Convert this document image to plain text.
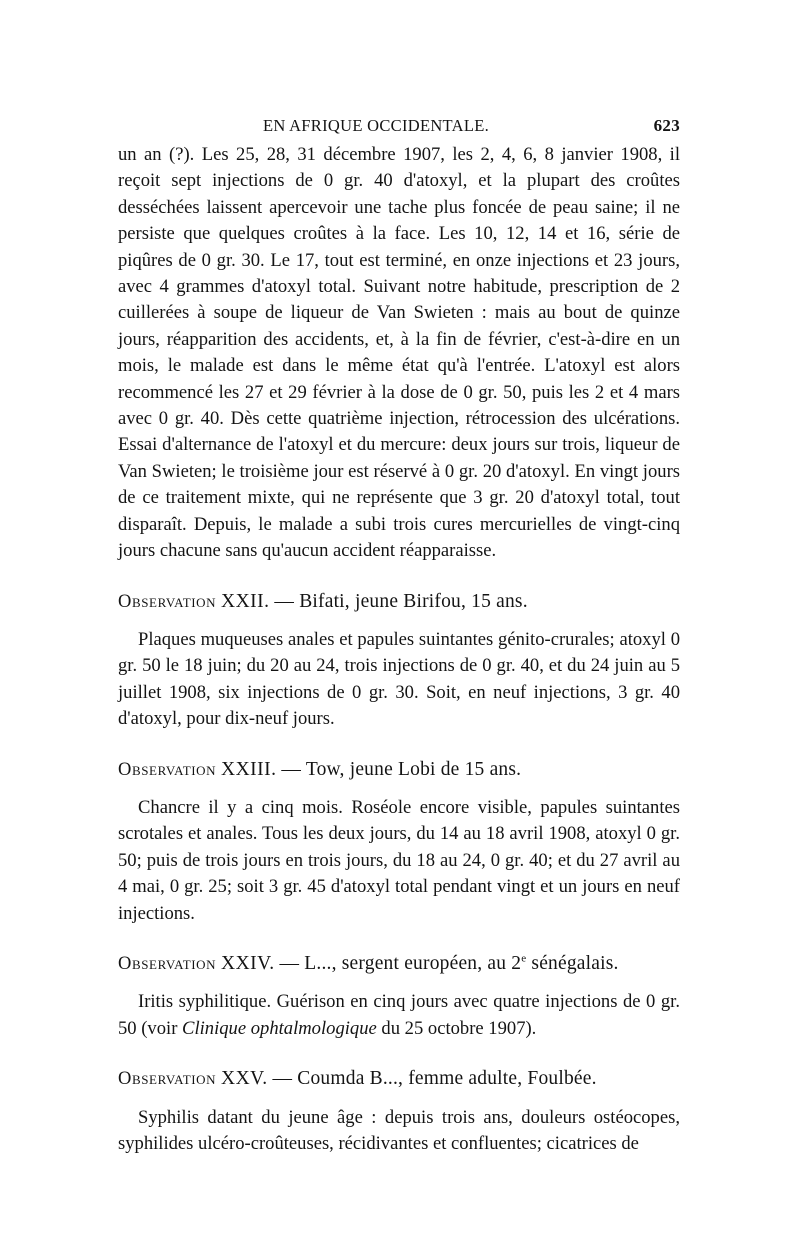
EN AFRIQUE OCCIDENTALE.	623

un an (?). Les 25, 28, 31 décembre 1907, les 2, 4, 6, 8 janvier 1908, il reçoit sept injections de 0 gr. 40 d'atoxyl, et la plupart des croûtes desséchées laissent apercevoir une tache plus foncée de peau saine; il ne persiste que quelques croûtes à la face. Les 10, 12, 14 et 16, série de piqûres de 0 gr. 30. Le 17, tout est terminé, en onze injections et 23 jours, avec 4 grammes d'atoxyl total. Suivant notre habitude, prescription de 2 cuillerées à soupe de liqueur de Van Swieten : mais au bout de quinze jours, réapparition des accidents, et, à la fin de février, c'est-à-dire en un mois, le malade est dans le même état qu'à l'entrée. L'atoxyl est alors recommencé les 27 et 29 février à la dose de 0 gr. 50, puis les 2 et 4 mars avec 0 gr. 40. Dès cette quatrième injection, rétrocession des ulcérations. Essai d'alternance de l'atoxyl et du mercure: deux jours sur trois, liqueur de Van Swieten; le troisième jour est réservé à 0 gr. 20 d'atoxyl. En vingt jours de ce traitement mixte, qui ne représente que 3 gr. 20 d'atoxyl total, tout disparaît. Depuis, le malade a subi trois cures mercurielles de vingt-cinq jours chacune sans qu'aucun accident réapparaisse.

Observation XXII. — Bifati, jeune Birifou, 15 ans.

Plaques muqueuses anales et papules suintantes génito-crurales; atoxyl 0 gr. 50 le 18 juin; du 20 au 24, trois injections de 0 gr. 40, et du 24 juin au 5 juillet 1908, six injections de 0 gr. 30. Soit, en neuf injections, 3 gr. 40 d'atoxyl, pour dix-neuf jours.

Observation XXIII. — Tow, jeune Lobi de 15 ans.

Chancre il y a cinq mois. Roséole encore visible, papules suintantes scrotales et anales. Tous les deux jours, du 14 au 18 avril 1908, atoxyl 0 gr. 50; puis de trois jours en trois jours, du 18 au 24, 0 gr. 40; et du 27 avril au 4 mai, 0 gr. 25; soit 3 gr. 45 d'atoxyl total pendant vingt et un jours en neuf injections.

Observation XXIV. — L..., sergent européen, au 2e sénégalais.

Iritis syphilitique. Guérison en cinq jours avec quatre injections de 0 gr. 50 (voir Clinique ophtalmologique du 25 octobre 1907).

Observation XXV. — Coumda B..., femme adulte, Foulbée.

Syphilis datant du jeune âge : depuis trois ans, douleurs ostéocopes, syphilides ulcéro-croûteuses, récidivantes et confluentes; cicatrices de
